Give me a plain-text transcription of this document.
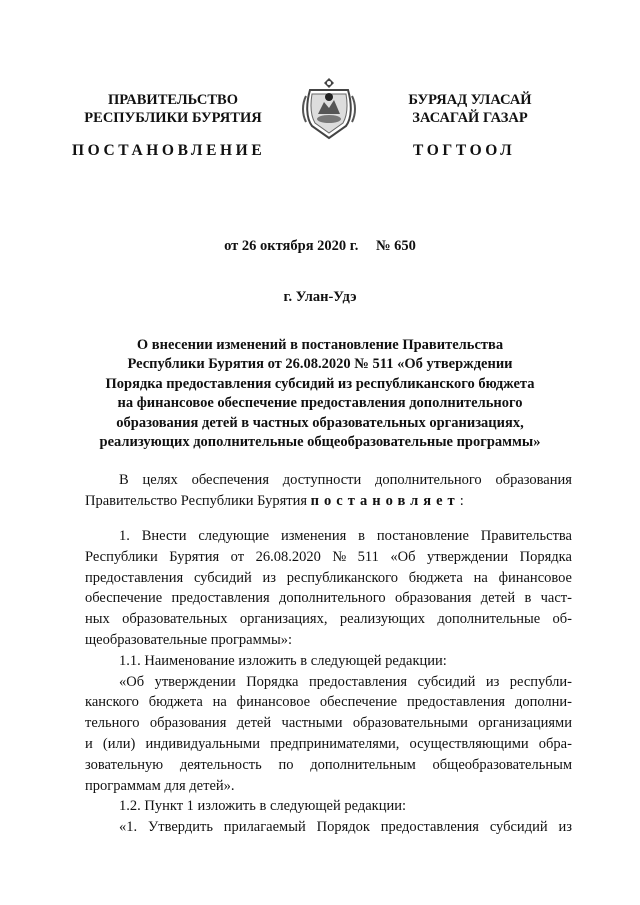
ПРАВИТЕЛЬСТВО
РЕСПУБЛИКИ БУРЯТИЯ
ПОСТАНОВЛЕНИЕ
БУРЯАД УЛАСАЙ
ЗАСАГАЙ ГАЗАР
ТОГТООЛ
от 26 октября 2020 г. № 650
г. Улан-Удэ
О внесении изменений в постановление Правительства
Республики Бурятия от 26.08.2020 № 511 «Об утверждении
Порядка предоставления субсидий из республиканского бюджета
на финансовое обеспечение предоставления дополнительного
образования детей в частных образовательных организациях,
реализующих дополнительные общеобразовательные программы»
В целях обеспечения доступности дополнительного образования
Правительство Республики Бурятия
постановляет :
1. Внести следующие изменения в постановление Правительства
Республики Бурятия от 26.08.2020 № 511 «Об утверждении Порядка
предоставления субсидий из республиканского бюджета на финансовое
обеспечение предоставления дополнительного образования детей в част-
ных образовательных организациях, реализующих дополнительные об-
щеобразовательные программы»:
1.1. Наименование изложить в следующей редакции:
«Об утверждении Порядка предоставления субсидий из республи-
канского бюджета на финансовое обеспечение предоставления дополни-
тельного образования детей частными образовательными организациями
и (или) индивидуальными предпринимателями, осуществляющими обра-
зовательную деятельность по дополнительным общеобразовательным
программам для детей».
1.2. Пункт 1 изложить в следующей редакции:
«1. Утвердить прилагаемый Порядок предоставления субсидий из
